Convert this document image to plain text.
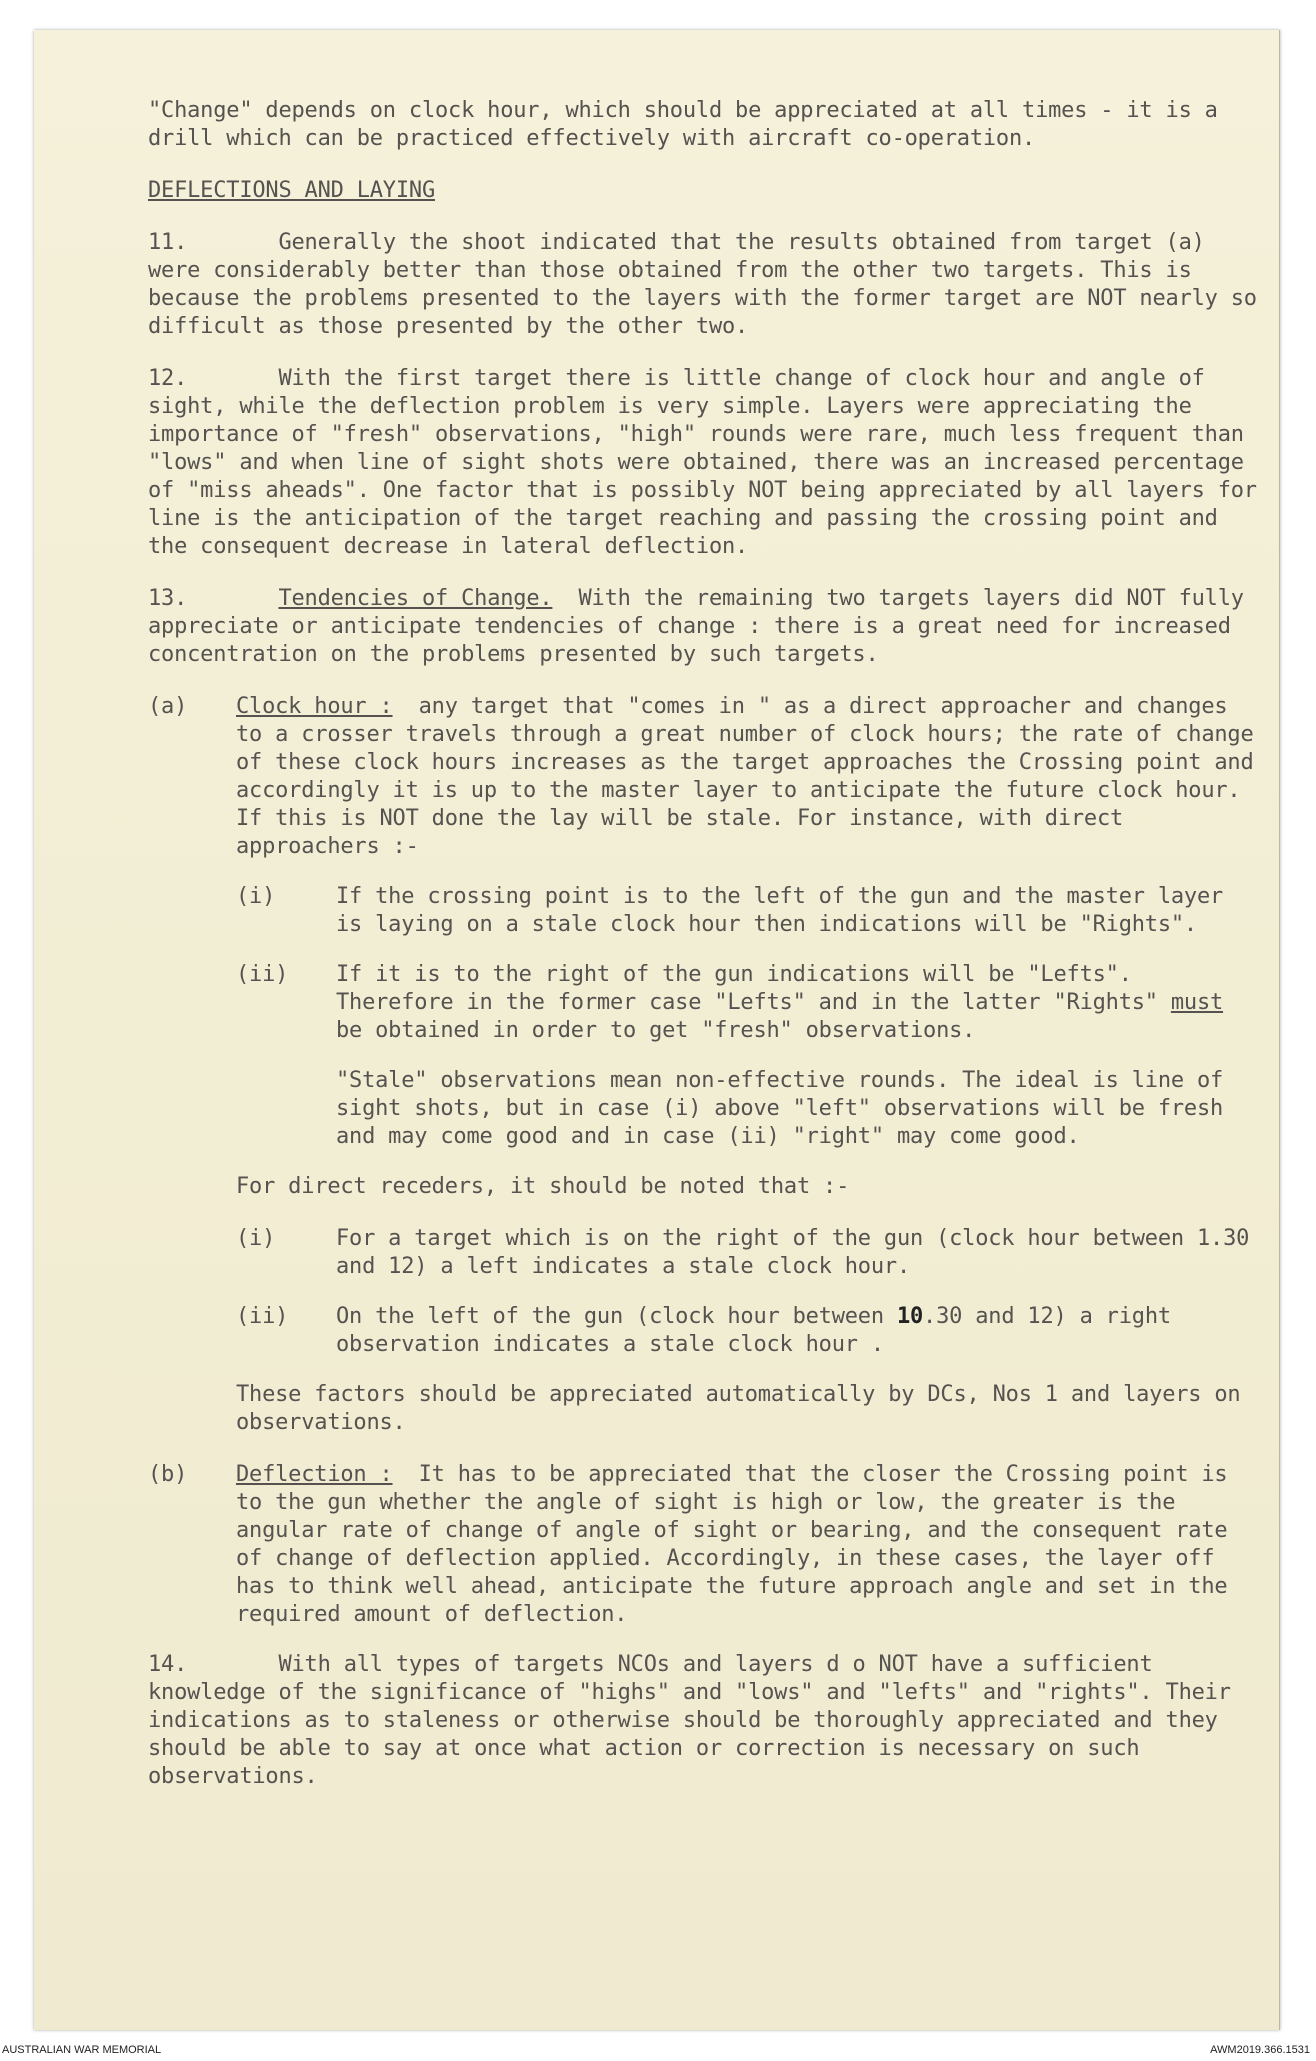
"Change" depends on clock hour, which should be appreciated at all times - it is a drill which can be practiced effectively with aircraft co-operation.
DEFLECTIONS AND LAYING
11.	Generally the shoot indicated that the results obtained from target (a) were considerably better than those obtained from the other two targets. This is because the problems presented to the layers with the former target are NOT nearly so difficult as those presented by the other two.
12.	With the first target there is little change of clock hour and angle of sight, while the deflection problem is very simple. Layers were appreciating the importance of "fresh" observations, "high" rounds were rare, much less frequent than "lows" and when line of sight shots were obtained, there was an increased percentage of "miss aheads". One factor that is possibly NOT being appreciated by all layers for line is the anticipation of the target reaching and passing the crossing point and the consequent decrease in lateral deflection.
13.	Tendencies of Change. With the remaining two targets layers did NOT fully appreciate or anticipate tendencies of change : there is a great need for increased concentration on the problems presented by such targets.
(a)	Clock hour : any target that "comes in " as a direct approacher and changes to a crosser travels through a great number of clock hours; the rate of change of these clock hours increases as the target approaches the Crossing point and accordingly it is up to the master layer to anticipate the future clock hour. If this is NOT done the lay will be stale. For instance, with direct approachers :-
(i)	If the crossing point is to the left of the gun and the master layer is laying on a stale clock hour then indications will be "Rights".
(ii)	If it is to the right of the gun indications will be "Lefts". Therefore in the former case "Lefts" and in the latter "Rights" must be obtained in order to get "fresh" observations.
"Stale" observations mean non-effective rounds. The ideal is line of sight shots, but in case (i) above "left" observations will be fresh and may come good and in case (ii) "right" may come good.
For direct receders, it should be noted that :-
(i)	For a target which is on the right of the gun (clock hour between 1.30 and 12) a left indicates a stale clock hour.
(ii)	On the left of the gun (clock hour between 10.30 and 12) a right observation indicates a stale clock hour .
These factors should be appreciated automatically by DCs, Nos 1 and layers on observations.
(b)	Deflection : It has to be appreciated that the closer the Crossing point is to the gun whether the angle of sight is high or low, the greater is the angular rate of change of angle of sight or bearing, and the consequent rate of change of deflection applied. Accordingly, in these cases, the layer off has to think well ahead, anticipate the future approach angle and set in the required amount of deflection.
14.	With all types of targets NCOs and layers d o NOT have a sufficient knowledge of the significance of "highs" and "lows" and "lefts" and "rights". Their indications as to staleness or otherwise should be thoroughly appreciated and they should be able to say at once what action or correction is necessary on such observations.
AUSTRALIAN WAR MEMORIAL	AWM2019.366.1531
